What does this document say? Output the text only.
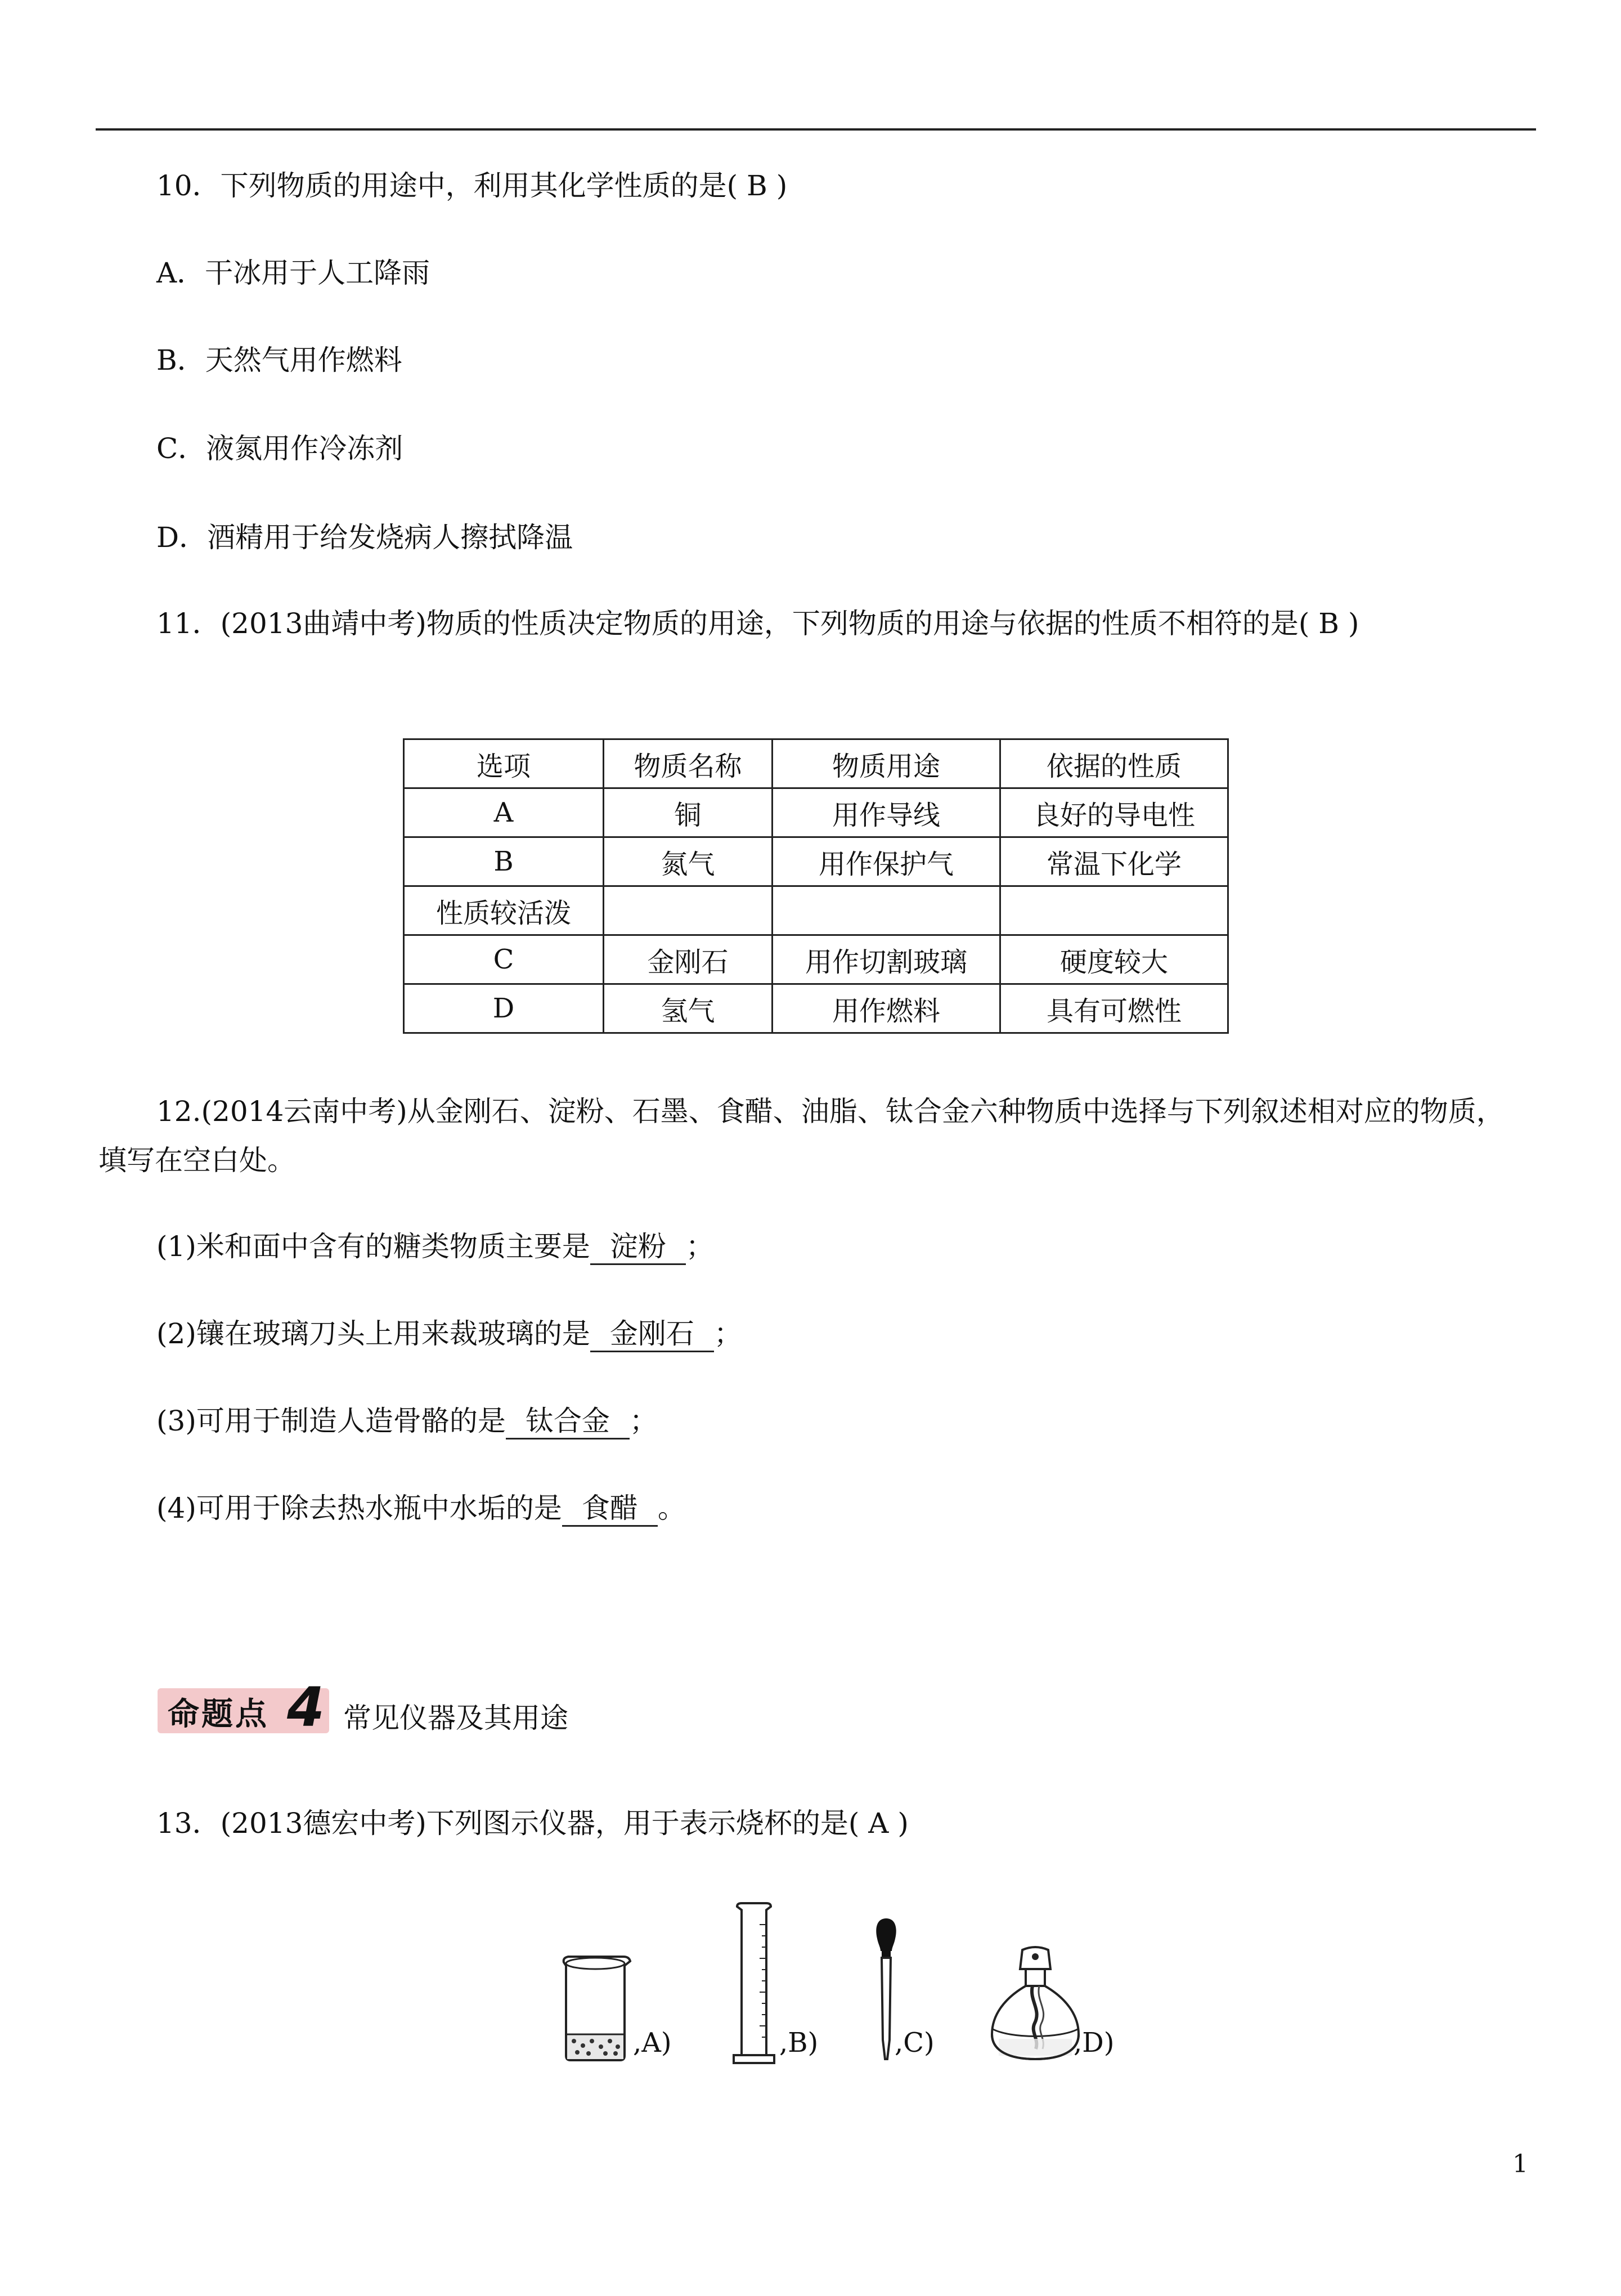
10．下列物质的用途中，利用其化学性质的是( B )
A．干冰用于人工降雨
B．天然气用作燃料
C．液氮用作冷冻剂
D．酒精用于给发烧病人擦拭降温
11．(2013曲靖中考)物质的性质决定物质的用途，下列物质的用途与依据的性质不相符的是( B )
选项	物质名称	物质用途	依据的性质
A	铜	用作导线	良好的导电性
B	氮气	用作保护气	常温下化学
性质较活泼			
C	金刚石	用作切割玻璃	硬度较大
D	氢气	用作燃料	具有可燃性
12.(2014云南中考)从金刚石、淀粉、石墨、食醋、油脂、钛合金六种物质中选择与下列叙述相对应的物质，
填写在空白处。
(1)米和面中含有的糖类物质主要是 淀粉 ；
(2)镶在玻璃刀头上用来裁玻璃的是 金刚石 ；
(3)可用于制造人造骨骼的是 钛合金 ；
(4)可用于除去热水瓶中水垢的是 食醋 。
命题点 4 常见仪器及其用途
13．(2013德宏中考)下列图示仪器，用于表示烧杯的是( A )
,A)	,B)	,C)	,D)
1
